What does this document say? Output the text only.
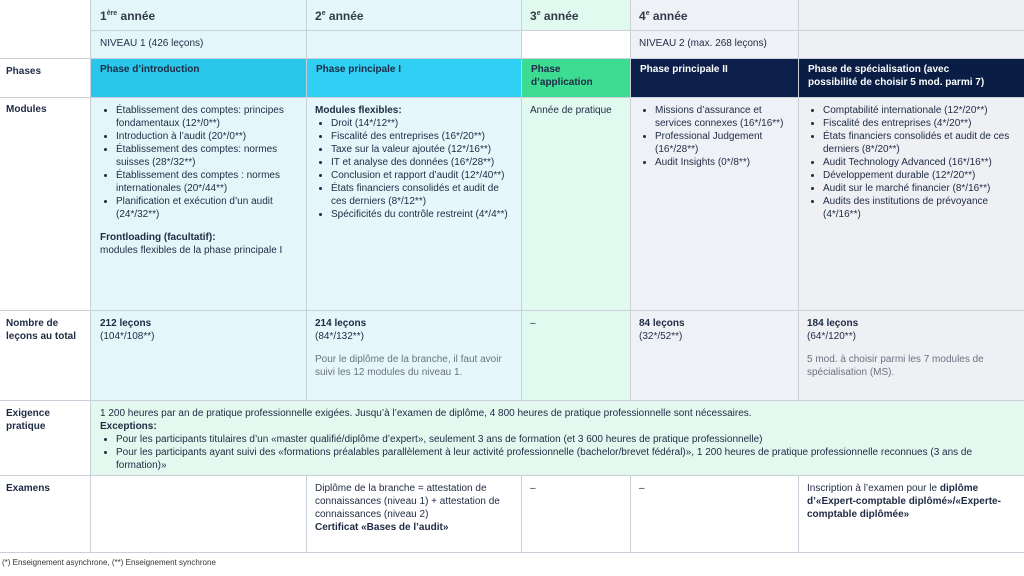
1ère année	2e année	3e année	4e année
NIVEAU 1 (426 leçons)	NIVEAU 2 (max. 268 leçons)
Phases
Modules
Nombre de
leçons au total
Exigence
pratique
Examens
Phase d’introduction	Phase principale I	Phase
d’application
Phase principale II	Phase de spécialisation (avec
possibilité de choisir 5 mod. parmi 7)
• Établissement des comptes: principes fondamentaux (12*/0**)
• Introduction à l’audit (20*/0**)
• Établissement des comptes: normes suisses (28*/32**)
• Établissement des comptes : normes internationales (20*/44**)
• Planification et exécution d’un audit (24*/32**)
Frontloading (facultatif):
modules flexibles de la phase principale I
Modules flexibles:
• Droit (14*/12**)
• Fiscalité des entreprises (16*/20**)
• Taxe sur la valeur ajoutée (12*/16**)
• IT et analyse des données (16*/28**)
• Conclusion et rapport d’audit (12*/40**)
• États financiers consolidés et audit de ces derniers (8*/12**)
• Spécificités du contrôle restreint (4*/4**)
Année de pratique
•	Missions d’assurance et services connexes (16*/16**)
• Professional Judgement (16*/28**)
• Audit Insights (0*/8**)
• Comptabilité internationale (12*/20**)
• Fiscalité des entreprises (4*/20**)
• États financiers consolidés et audit de ces derniers (8*/20**)
• Audit Technology Advanced (16*/16**)
• Développement durable (12*/20**)
• Audit sur le marché financier (8*/16**)
• Audits des institutions de prévoyance (4*/16**)
212 leçons
(104*/108**)
214 leçons
(84*/132**)
Pour le diplôme de la branche, il faut avoir suivi les 12 modules du niveau 1.
–	84 leçons
(32*/52**)
184 leçons
(64*/120**)
5 mod. à choisir parmi les 7 modules de spécialisation (MS).
1 200 heures par an de pratique professionnelle exigées. Jusqu’à l’examen de diplôme, 4 800 heures de pratique professionnelle sont nécessaires.
Exceptions:
• Pour les participants titulaires d’un «master qualifié/diplôme d’expert», seulement 3 ans de formation (et 3 600 heures de pratique professionnelle)
• Pour les participants ayant suivi des «formations préalables parallèlement à leur activité professionnelle (bachelor/brevet fédéral)», 1 200 heures de pratique professionnelle reconnues (3 ans de formation)»
Diplôme de la branche = attestation de connaissances (niveau 1) + attestation de connaissances (niveau 2)
Certificat «Bases de l’audit»
–	–	Inscription à l’examen pour le diplôme d’«Expert-comptable diplômé»/«Experte-comptable diplômée»
(*) Enseignement asynchrone, (**) Enseignement synchrone
